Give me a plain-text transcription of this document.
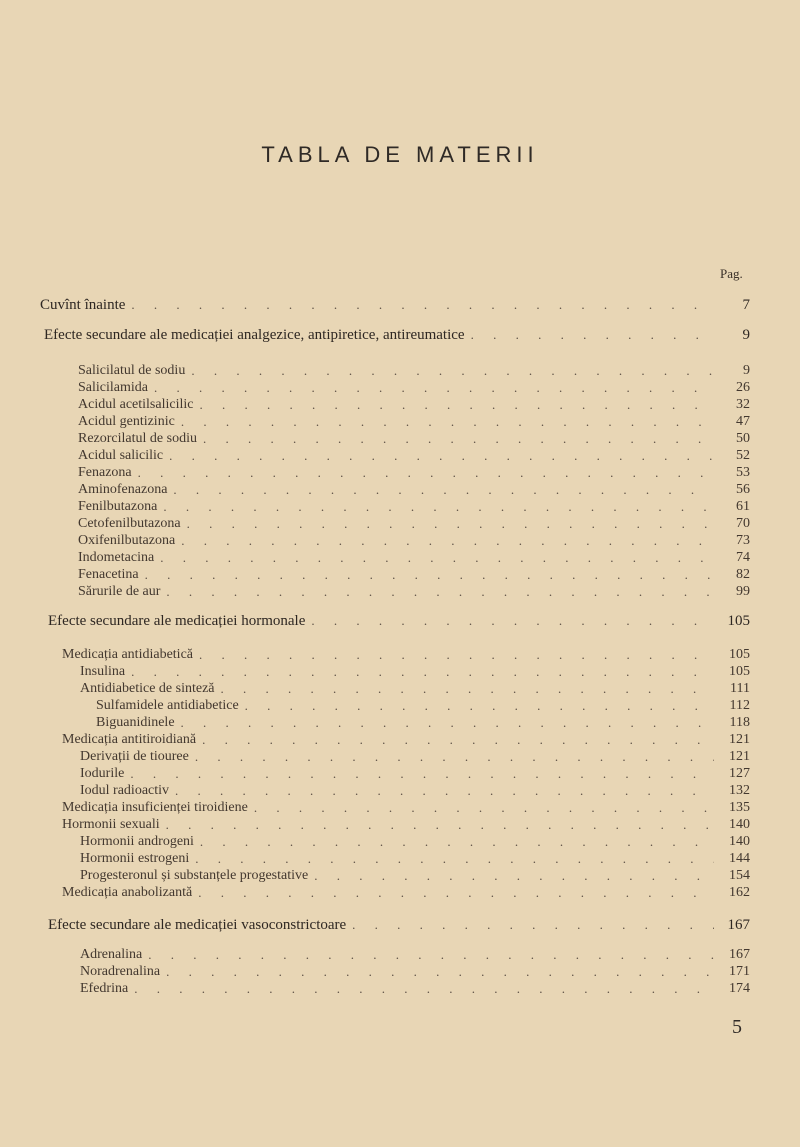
TABLA DE MATERII
Pag.
Cuvînt înainte . . .	7
Efecte secundare ale medicației analgezice, antipiretice, antireumatice . . .	9
Salicilatul de sodiu . . .	9
Salicilamida . . .	26
Acidul acetilsalicilic . . .	32
Acidul gentizinic . . .	47
Rezorcilatul de sodiu . . .	50
Acidul salicilic . . .	52
Fenazona . . .	53
Aminofenazona . . .	56
Fenilbutazona . . .	61
Cetofenilbutazona . . .	70
Oxifenilbutazona . . .	73
Indometacina . . .	74
Fenacetina . . .	82
Sărurile de aur . . .	99
Efecte secundare ale medicației hormonale . . .	105
Medicația antidiabetică . . .	105
Insulina . . .	105
Antidiabetice de sinteză . . .	111
Sulfamidele antidiabetice . . .	112
Biguanidinele . . .	118
Medicația antitiroidiană . . .	121
Derivații de tiouree . . .	121
Iodurile . . .	127
Iodul radioactiv . . .	132
Medicația insuficienței tiroidiene . . .	135
Hormonii sexuali . . .	140
Hormonii androgeni . . .	140
Hormonii estrogeni . . .	144
Progesteronul și substanțele progestative . . .	154
Medicația anabolizantă . . .	162
Efecte secundare ale medicației vasoconstrictoare . . .	167
Adrenalina . . .	167
Noradrenalina . . .	171
Efedrina . . .	174
5
